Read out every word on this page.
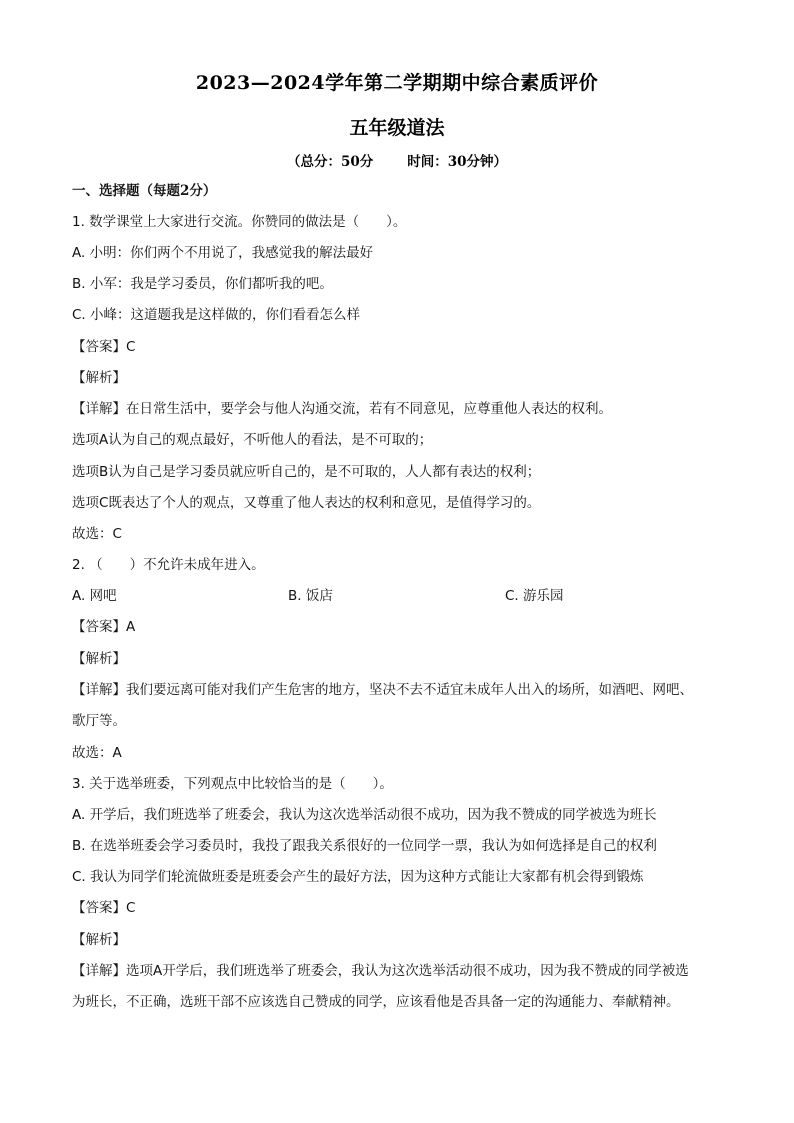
2023—2024学年第二学期期中综合素质评价
五年级道法
（总分：50分	时间：30分钟）
一、选择题（每题2分）
1. 数学课堂上大家进行交流。你赞同的做法是（　　）。
A. 小明：你们两个不用说了，我感觉我的解法最好
B. 小军：我是学习委员，你们都听我的吧。
C. 小峰：这道题我是这样做的，你们看看怎么样
【答案】C
【解析】
【详解】在日常生活中，要学会与他人沟通交流，若有不同意见，应尊重他人表达的权利。
选项A认为自己的观点最好，不听他人的看法，是不可取的；
选项B认为自己是学习委员就应听自己的，是不可取的，人人都有表达的权利；
选项C既表达了个人的观点，又尊重了他人表达的权利和意见，是值得学习的。
故选：C
2. （　　）不允许未成年进入。
A. 网吧	B. 饭店	C. 游乐园
【答案】A
【解析】
【详解】我们要远离可能对我们产生危害的地方，坚决不去不适宜未成年人出入的场所，如酒吧、网吧、
歌厅等。
故选：A
3. 关于选举班委，下列观点中比较恰当的是（　　）。
A. 开学后，我们班选举了班委会，我认为这次选举活动很不成功，因为我不赞成的同学被选为班长
B. 在选举班委会学习委员时，我投了跟我关系很好的一位同学一票，我认为如何选择是自己的权利
C. 我认为同学们轮流做班委是班委会产生的最好方法，因为这种方式能让大家都有机会得到锻炼
【答案】C
【解析】
【详解】选项A开学后，我们班选举了班委会，我认为这次选举活动很不成功，因为我不赞成的同学被选
为班长，不正确，选班干部不应该选自己赞成的同学，应该看他是否具备一定的沟通能力、奉献精神。
